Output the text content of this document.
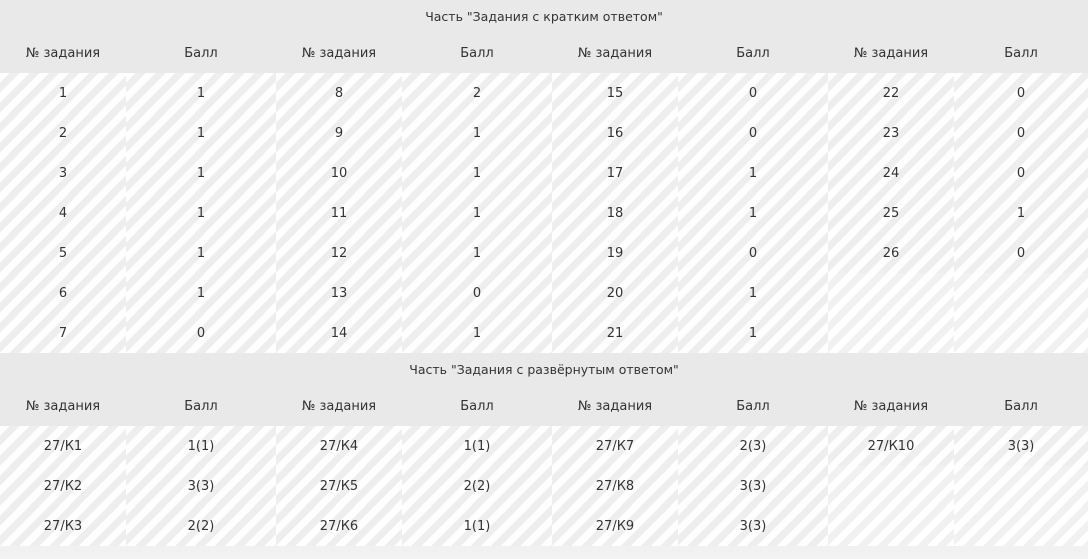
Часть "Задания с кратким ответом"							
№ задания	Балл	№ задания	Балл	№ задания	Балл	№ задания	Балл
1	1	8	2	15	0	22	0
2	1	9	1	16	0	23	0
3	1	10	1	17	1	24	0
4	1	11	1	18	1	25	1
5	1	12	1	19	0	26	0
6	1	13	0	20	1		
7	0	14	1	21	1		
Часть "Задания с развёрнутым ответом"							
№ задания	Балл	№ задания	Балл	№ задания	Балл	№ задания	Балл
27/К1	1(1)	27/К4	1(1)	27/К7	2(3)	27/К10	3(3)
27/К2	3(3)	27/К5	2(2)	27/К8	3(3)		
27/К3	2(2)	27/К6	1(1)	27/К9	3(3)		
